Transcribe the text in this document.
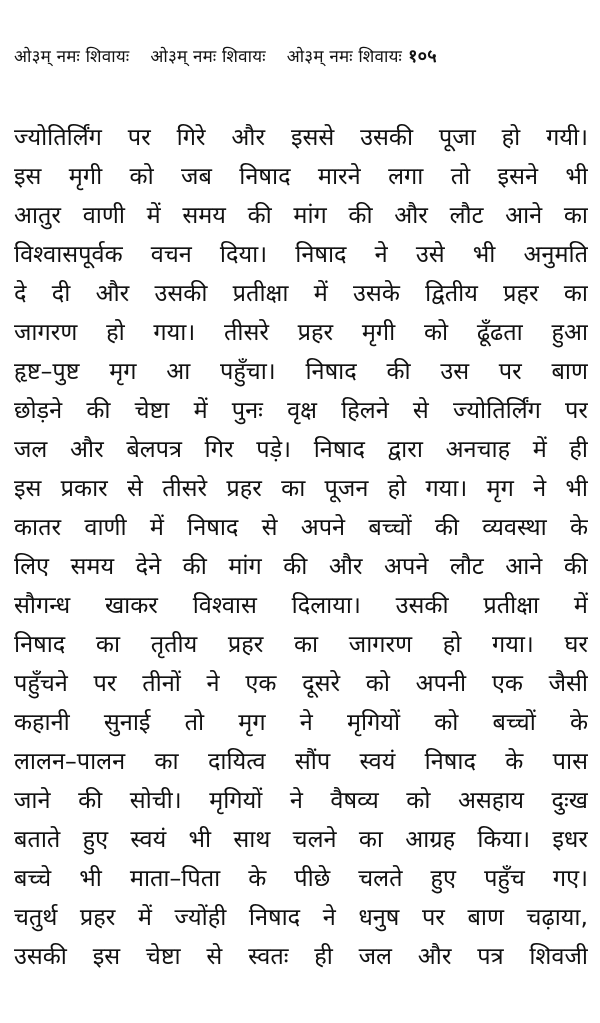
ओ३म् नमः शिवायः ओ३म् नमः शिवायः ओ३म् नमः शिवायः १०५
ज्योतिर्लिंग पर गिरे और इससे उसकी पूजा हो गयी।
इस मृगी को जब निषाद मारने लगा तो इसने भी
आतुर वाणी में समय की मांग की और लौट आने का
विश्वासपूर्वक वचन दिया। निषाद ने उसे भी अनुमति
दे दी और उसकी प्रतीक्षा में उसके द्वितीय प्रहर का
जागरण हो गया। तीसरे प्रहर मृगी को ढूँढता हुआ
हृष्ट–पुष्ट मृग आ पहुँचा। निषाद की उस पर बाण
छोड़ने की चेष्टा में पुनः वृक्ष हिलने से ज्योतिर्लिंग पर
जल और बेलपत्र गिर पड़े। निषाद द्वारा अनचाह में ही
इस प्रकार से तीसरे प्रहर का पूजन हो गया। मृग ने भी
कातर वाणी में निषाद से अपने बच्चों की व्यवस्था के
लिए समय देने की मांग की और अपने लौट आने की
सौगन्ध खाकर विश्वास दिलाया। उसकी प्रतीक्षा में
निषाद का तृतीय प्रहर का जागरण हो गया। घर
पहुँचने पर तीनों ने एक दूसरे को अपनी एक जैसी
कहानी सुनाई तो मृग ने मृगियों को बच्चों के
लालन–पालन का दायित्व सौंप स्वयं निषाद के पास
जाने की सोची। मृगियों ने वैषव्य को असहाय दुःख
बताते हुए स्वयं भी साथ चलने का आग्रह किया। इधर
बच्चे भी माता–पिता के पीछे चलते हुए पहुँच गए।
चतुर्थ प्रहर में ज्योंही निषाद ने धनुष पर बाण चढ़ाया,
उसकी इस चेष्टा से स्वतः ही जल और पत्र शिवजी
